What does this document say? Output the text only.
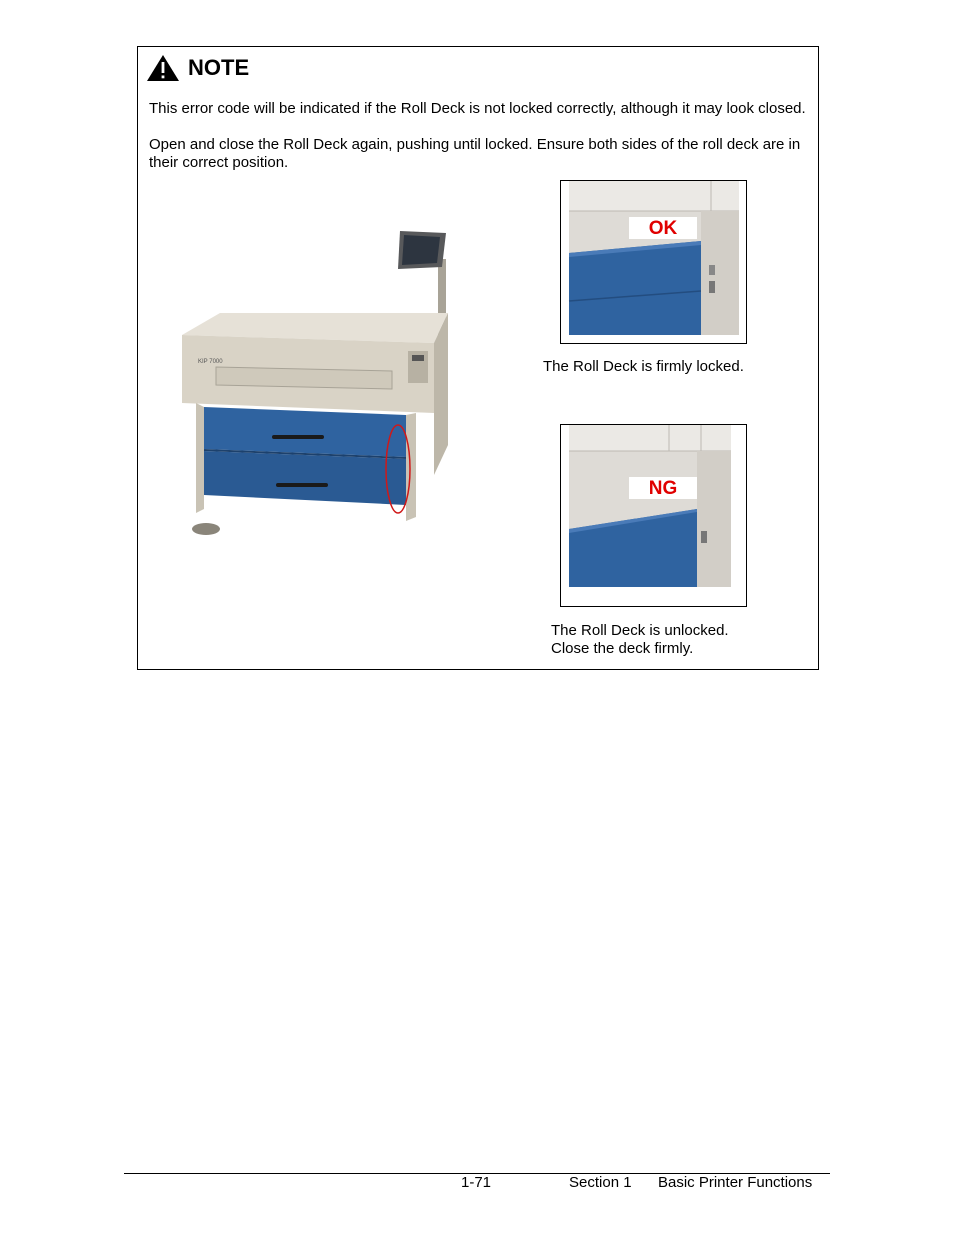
NOTE

This error code will be indicated if the Roll Deck is not locked correctly, although it may look closed.

Open and close the Roll Deck again, pushing until locked. Ensure both sides of the roll deck are in their correct position.

KIP 7000
OK

The Roll Deck is firmly locked.

NG

The Roll Deck is unlocked.

Close the deck firmly.

1-71	Section 1 Basic Printer Functions
